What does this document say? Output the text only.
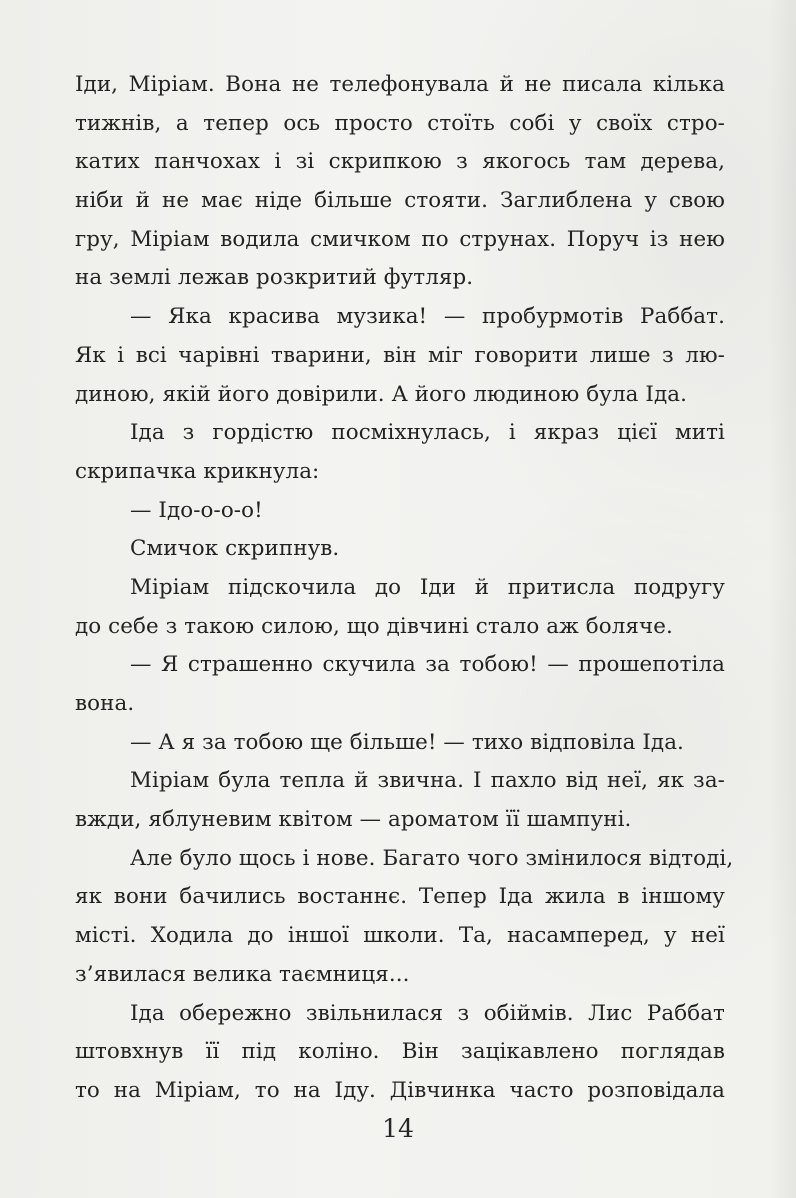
Іди, Міріам. Вона не телефонувала й не писала кілька
тижнів, а тепер ось просто стоїть собі у своїх стро-
катих панчохах і зі скрипкою з якогось там дерева,
ніби й не має ніде більше стояти. Заглиблена у свою
гру, Міріам водила смичком по струнах. Поруч із нею
на землі лежав розкритий футляр.
— Яка красива музика! — пробурмотів Раббат.
Як і всі чарівні тварини, він міг говорити лише з лю-
диною, якій його довірили. А його людиною була Іда.
Іда з гордістю посміхнулась, і якраз цієї миті
скрипачка крикнула:
— Ідо-о-о-о!
Смичок скрипнув.
Міріам підскочила до Іди й притисла подругу
до себе з такою силою, що дівчині стало аж боляче.
— Я страшенно скучила за тобою! — прошепотіла
вона.
— А я за тобою ще більше! — тихо відповіла Іда.
Міріам була тепла й звична. І пахло від неї, як за-
вжди, яблуневим квітом — ароматом її шампуні.
Але було щось і нове. Багато чого змінилося відтоді,
як вони бачились востаннє. Тепер Іда жила в іншому
місті. Ходила до іншої школи. Та, насамперед, у неї
з’явилася велика таємниця...
Іда обережно звільнилася з обіймів. Лис Раббат
штовхнув її під коліно. Він зацікавлено поглядав
то на Міріам, то на Іду. Дівчинка часто розповідала
14
